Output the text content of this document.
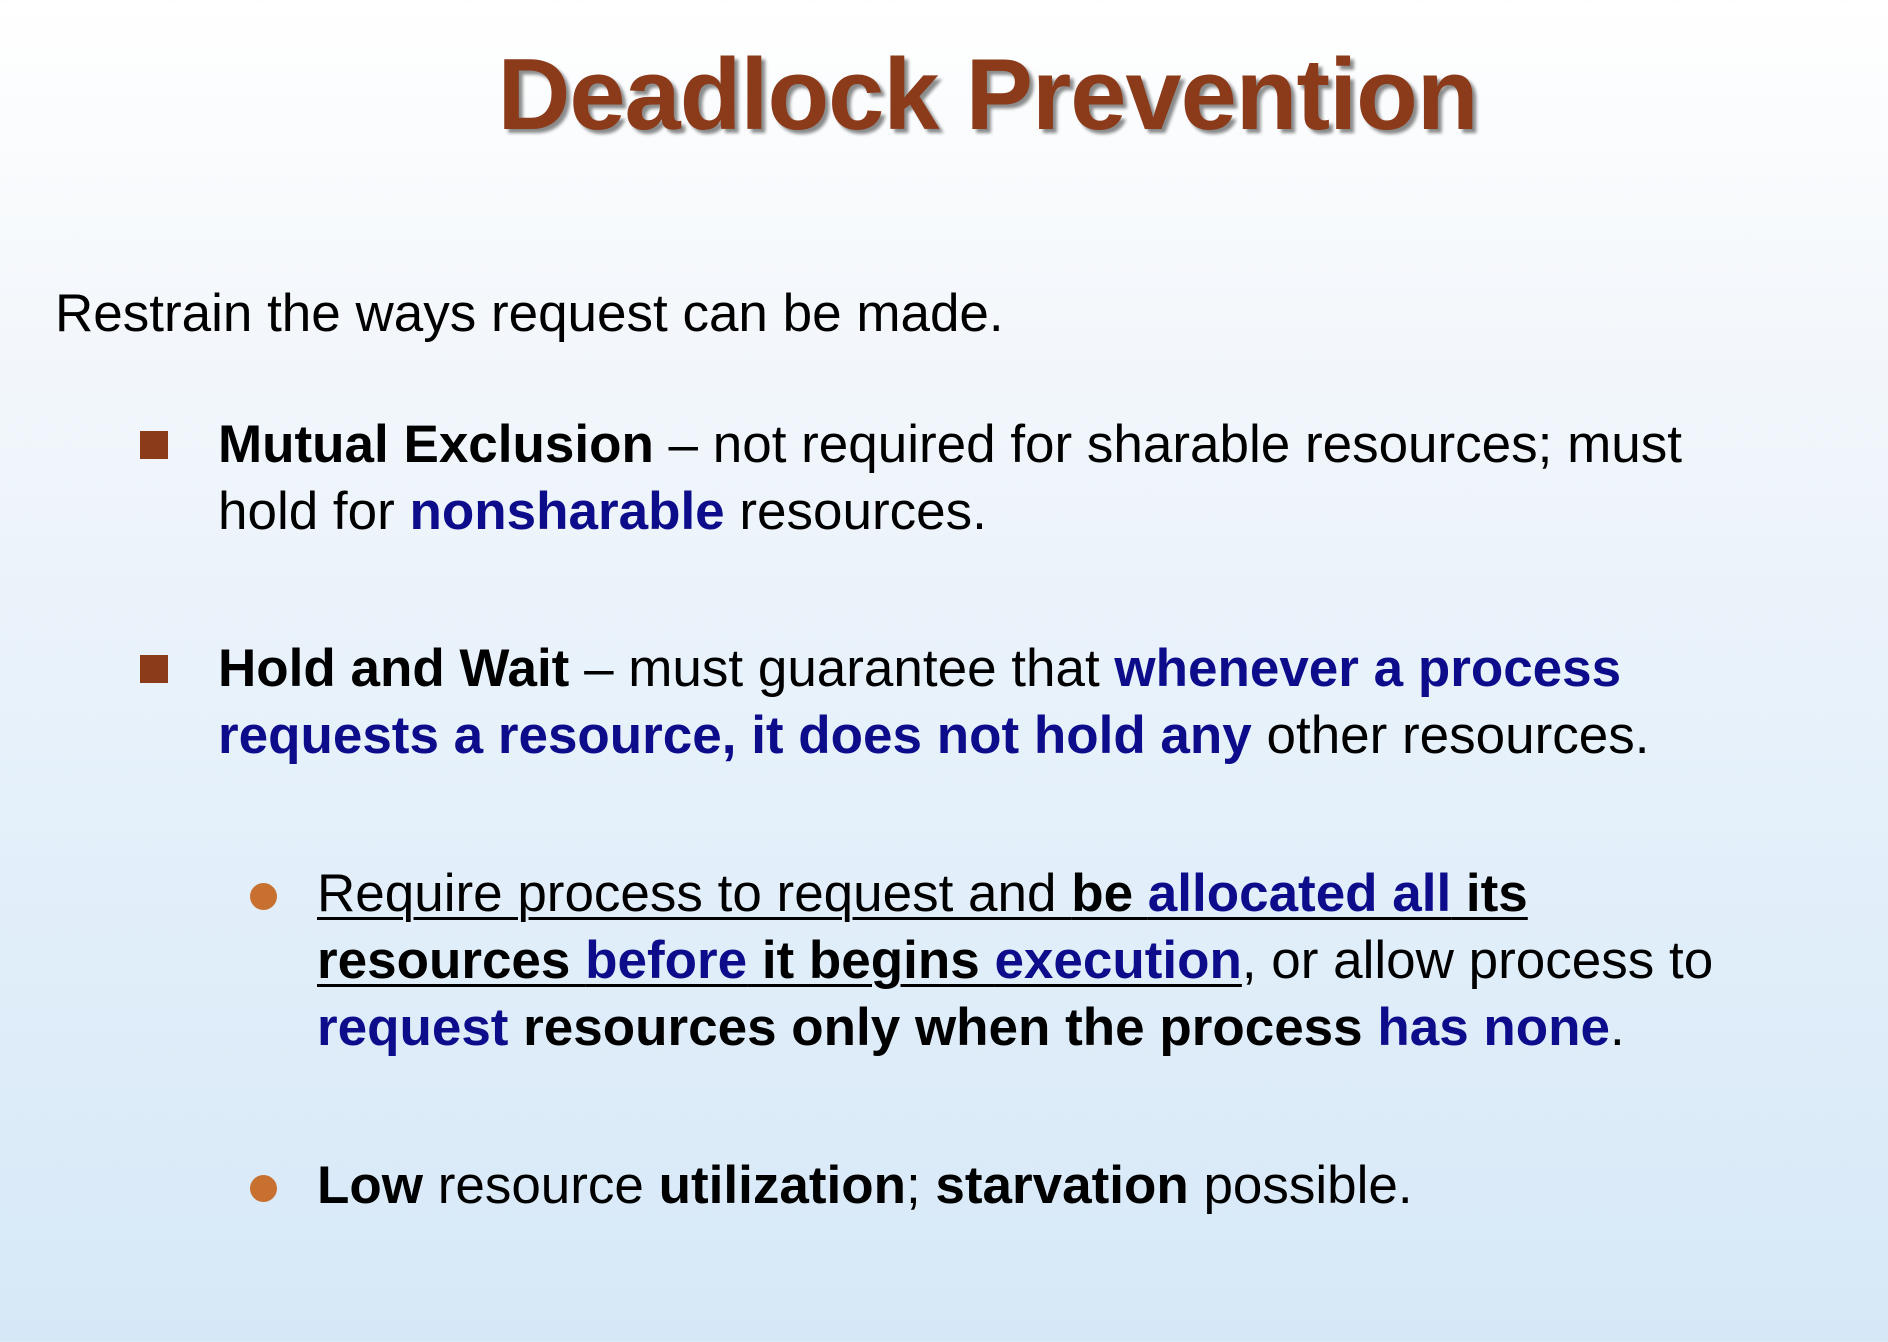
Deadlock Prevention

Restrain the ways request can be made.

Mutual Exclusion – not required for sharable resources; must hold for nonsharable resources.
Hold and Wait – must guarantee that whenever a process requests a resource, it does not hold any other resources.
Require process to request and be allocated all its resources before it begins execution, or allow process to request resources only when the process has none.
Low resource utilization; starvation possible.
